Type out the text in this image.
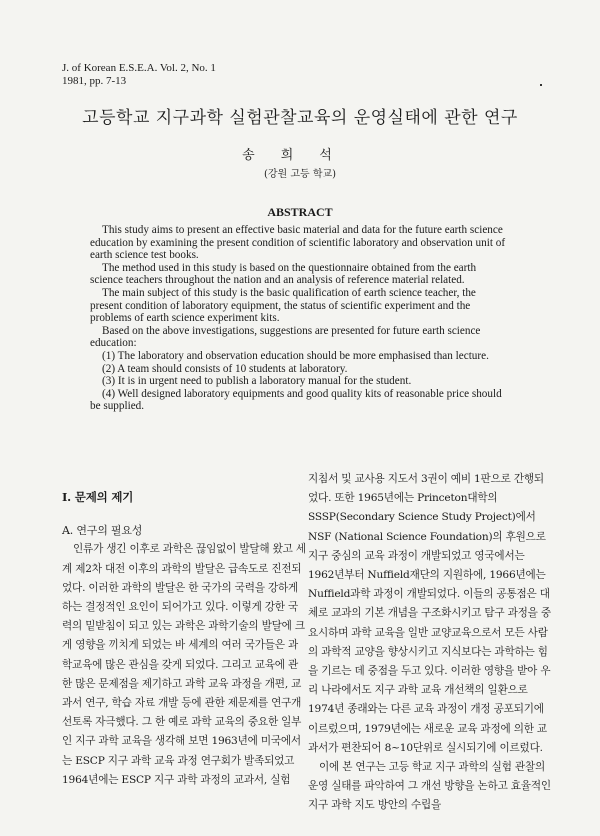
J. of Korean E.S.E.A. Vol. 2, No. 1
1981, pp. 7-13
고등학교 지구과학 실험관찰교육의 운영실태에 관한 연구
송희석
(강원 고등 학교)
ABSTRACT

This study aims to present an effective basic material and data for the future earth science education by examining the present condition of scientific laboratory and observation unit of earth science test books.

The method used in this study is based on the questionnaire obtained from the earth science teachers throughout the nation and an analysis of reference material related.

The main subject of this study is the basic qualification of earth science teacher, the present condition of laboratory equipment, the status of scientific experiment and the problems of earth science experiment kits.

Based on the above investigations, suggestions are presented for future earth science education:

(1) The laboratory and observation education should be more emphasised than lecture.

(2) A team should consists of 10 students at laboratory.

(3) It is in urgent need to publish a laboratory manual for the student.

(4) Well designed laboratory equipments and good quality kits of reasonable price should be supplied.

I. 문제의 제기

A. 연구의 필요성

인류가 생긴 이후로 과학은 끊임없이 발달해 왔고 세계 제2차 대전 이후의 과학의 발달은 급속도로 진전되었다. 이러한 과학의 발달은 한 국가의 국력을 강하게 하는 결정적인 요인이 되어가고 있다. 이렇게 강한 국력의 밑받침이 되고 있는 과학은 과학기술의 발달에 크게 영향을 끼치게 되었는 바 세계의 여러 국가들은 과학교육에 많은 관심을 갖게 되었다. 그리고 교육에 관한 많은 문제점을 제기하고 과학 교육 과정을 개편, 교과서 연구, 학습 자료 개발 등에 관한 제문제를 연구개선토록 자극했다. 그 한 예로 과학 교육의 중요한 일부인 지구 과학 교육을 생각해 보면 1963년에 미국에서는 ESCP 지구 과학 교육 과정 연구회가 발족되었고 1964년에는 ESCP 지구 과학 과정의 교과서, 실험

지침서 및 교사용 지도서 3권이 예비 1판으로 간행되었다. 또한 1965년에는 Princeton대학의 SSSP(Secondary Science Study Project)에서 NSF (National Science Foundation)의 후원으로 지구 중심의 교육 과정이 개발되었고 영국에서는 1962년부터 Nuffield재단의 지원하에, 1966년에는 Nuffield과학 과정이 개발되었다. 이들의 공통점은 대체로 교과의 기본 개념을 구조화시키고 탐구 과정을 중요시하며 과학 교육을 일반 교양교육으로서 모든 사람의 과학적 교양을 향상시키고 지식보다는 과학하는 힘을 기르는 데 중점을 두고 있다. 이러한 영향을 받아 우리 나라에서도 지구 과학 교육 개선책의 일환으로 1974년 종래와는 다른 교육 과정이 개정 공포되기에 이르렀으며, 1979년에는 새로운 교육 과정에 의한 교과서가 편찬되어 8~10단위로 실시되기에 이르렀다.

이에 본 연구는 고등 학교 지구 과학의 실험 관찰의 운영 실태를 파악하여 그 개선 방향을 논하고 효율적인 지구 과학 지도 방안의 수립을
